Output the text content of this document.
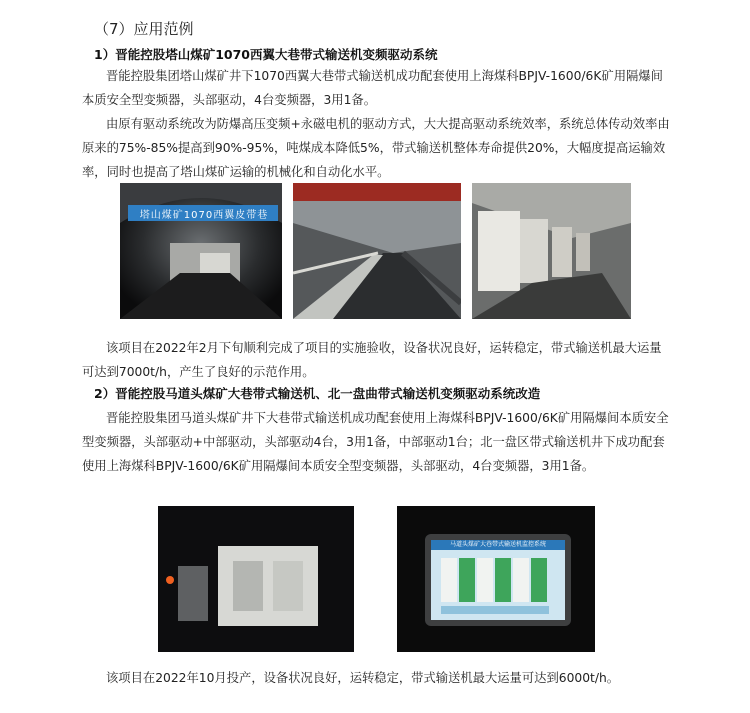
（7）应用范例
1）晋能控股塔山煤矿1070西翼大巷带式输送机变频驱动系统
晋能控股集团塔山煤矿井下1070西翼大巷带式输送机成功配套使用上海煤科BPJV-1600/6K矿用隔爆间本质安全型变频器，头部驱动，4台变频器，3用1备。
由原有驱动系统改为防爆高压变频+永磁电机的驱动方式，大大提高驱动系统效率，系统总体传动效率由原来的75%-85%提高到90%-95%，吨煤成本降低5%，带式输送机整体寿命提供20%，大幅度提高运输效率，同时也提高了塔山煤矿运输的机械化和自动化水平。
塔山煤矿1070西翼皮带巷
该项目在2022年2月下旬顺利完成了项目的实施验收，设备状况良好，运转稳定，带式输送机最大运量可达到7000t/h，产生了良好的示范作用。
2）晋能控股马道头煤矿大巷带式输送机、北一盘曲带式输送机变频驱动系统改造
晋能控股集团马道头煤矿井下大巷带式输送机成功配套使用上海煤科BPJV-1600/6K矿用隔爆间本质安全型变频器，头部驱动+中部驱动，头部驱动4台，3用1备，中部驱动1台；北一盘区带式输送机井下成功配套使用上海煤科BPJV-1600/6K矿用隔爆间本质安全型变频器，头部驱动，4台变频器，3用1备。
马道头煤矿大巷带式输送机监控系统
该项目在2022年10月投产，设备状况良好，运转稳定，带式输送机最大运量可达到6000t/h。
